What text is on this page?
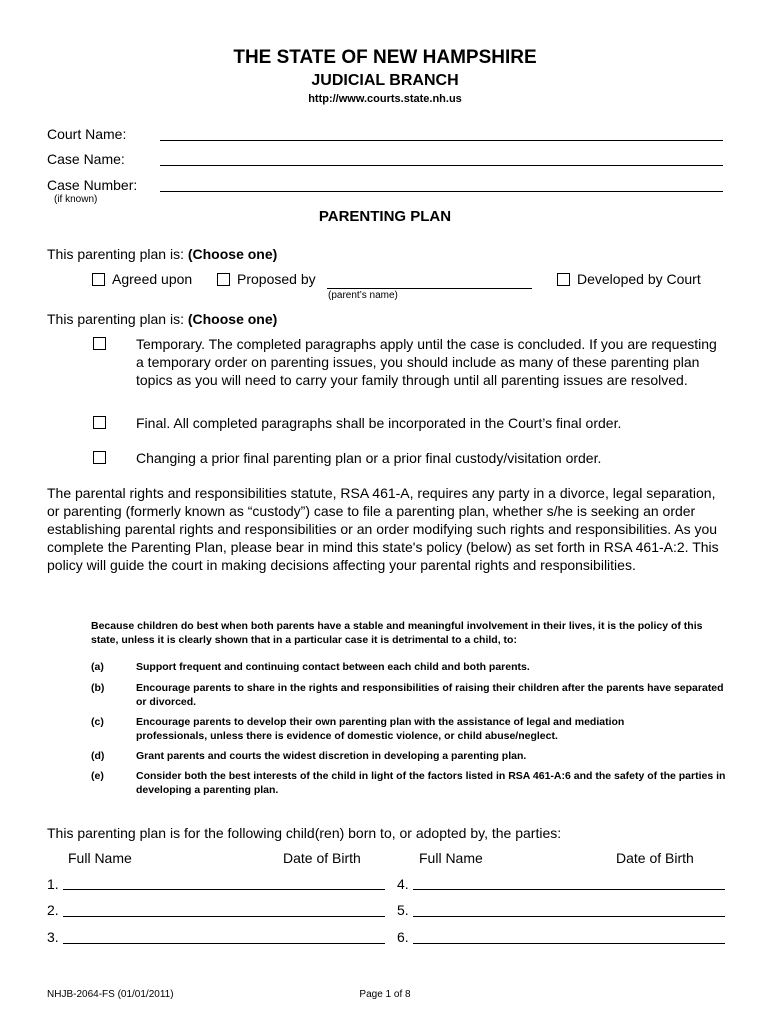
THE STATE OF NEW HAMPSHIRE
JUDICIAL BRANCH
http://www.courts.state.nh.us
Court Name:
Case Name:
Case Number:
(if known)
PARENTING PLAN
This parenting plan is: (Choose one)
Agreed upon	Proposed by
(parent’s name)
Developed by Court
This parenting plan is: (Choose one)
Temporary. The completed paragraphs apply until the case is concluded. If you are requesting a temporary order on parenting issues, you should include as many of these parenting plan topics as you will need to carry your family through until all parenting issues are resolved.
Final. All completed paragraphs shall be incorporated in the Court’s final order.
Changing a prior final parenting plan or a prior final custody/visitation order.
The parental rights and responsibilities statute, RSA 461-A, requires any party in a divorce, legal separation, or parenting (formerly known as “custody”) case to file a parenting plan, whether s/he is seeking an order establishing parental rights and responsibilities or an order modifying such rights and responsibilities. As you complete the Parenting Plan, please bear in mind this state's policy (below) as set forth in RSA 461-A:2. This policy will guide the court in making decisions affecting your parental rights and responsibilities.
Because children do best when both parents have a stable and meaningful involvement in their lives, it is the policy of this state, unless it is clearly shown that in a particular case it is detrimental to a child, to:
(a)	Support frequent and continuing contact between each child and both parents.
(b)	Encourage parents to share in the rights and responsibilities of raising their children after the parents have separated or divorced.
(c)	Encourage parents to develop their own parenting plan with the assistance of legal and mediation professionals, unless there is evidence of domestic violence, or child abuse/neglect.
(d)	Grant parents and courts the widest discretion in developing a parenting plan.
(e)	Consider both the best interests of the child in light of the factors listed in RSA 461-A:6 and the safety of the parties in developing a parenting plan.
This parenting plan is for the following child(ren) born to, or adopted by, the parties:
Full Name	Date of Birth	Full Name	Date of Birth
1.	4.
2.	5.
3.	6.
NHJB-2064-FS (01/01/2011)	Page 1 of 8
